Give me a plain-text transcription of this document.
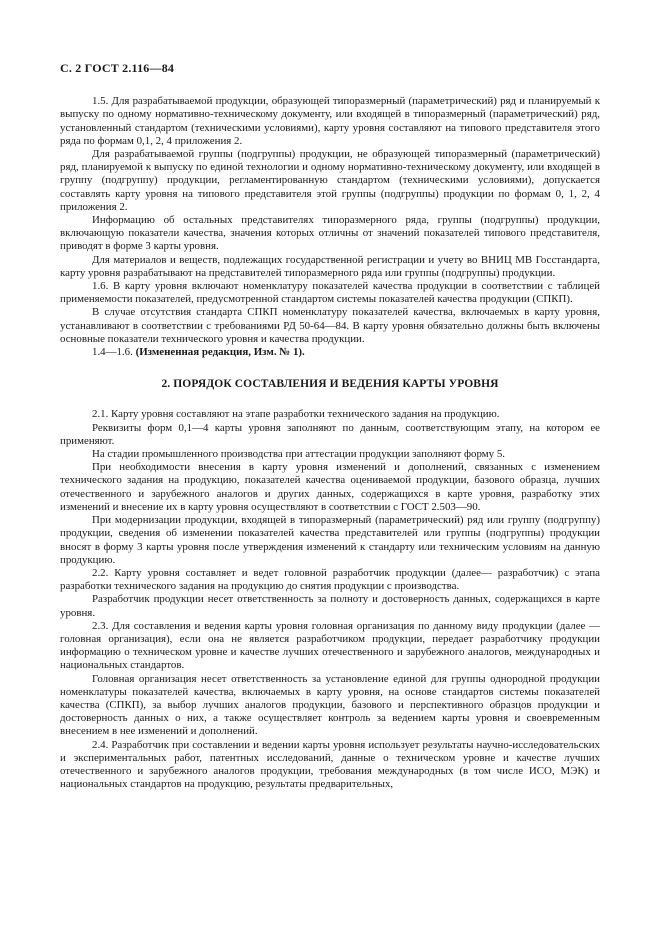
С. 2 ГОСТ 2.116—84

1.5. Для разрабатываемой продукции, образующей типоразмерный (параметрический) ряд и планируемый к выпуску по одному нормативно-техническому документу, или входящей в типоразмерный (параметрический) ряд, установленный стандартом (техническими условиями), карту уровня составляют на типового представителя этого ряда по формам 0,1, 2, 4 приложения 2.

Для разрабатываемой группы (подгруппы) продукции, не образующей типоразмерный (параметрический) ряд, планируемой к выпуску по единой технологии и одному нормативно-техническому документу, или входящей в группу (подгруппу) продукции, регламентированную стандартом (техническими условиями), допускается составлять карту уровня на типового представителя этой группы (подгруппы) продукции по формам 0, 1, 2, 4 приложения 2.

Информацию об остальных представителях типоразмерного ряда, группы (подгруппы) продукции, включающую показатели качества, значения которых отличны от значений показателей типового представителя, приводят в форме 3 карты уровня.

Для материалов и веществ, подлежащих государственной регистрации и учету во ВНИЦ МВ Госстандарта, карту уровня разрабатывают на представителей типоразмерного ряда или группы (подгруппы) продукции.

1.6. В карту уровня включают номенклатуру показателей качества продукции в соответствии с таблицей применяемости показателей, предусмотренной стандартом системы показателей качества продукции (СПКП).

В случае отсутствия стандарта СПКП номенклатуру показателей качества, включаемых в карту уровня, устанавливают в соответствии с требованиями РД 50-64—84. В карту уровня обязательно должны быть включены основные показатели технического уровня и качества продукции.

1.4—1.6. (Измененная редакция, Изм. № 1).

2. ПОРЯДОК СОСТАВЛЕНИЯ И ВЕДЕНИЯ КАРТЫ УРОВНЯ

2.1. Карту уровня составляют на этапе разработки технического задания на продукцию.

Реквизиты форм 0,1—4 карты уровня заполняют по данным, соответствующим этапу, на котором ее применяют.

На стадии промышленного производства при аттестации продукции заполняют форму 5.

При необходимости внесения в карту уровня изменений и дополнений, связанных с изменением технического задания на продукцию, показателей качества оцениваемой продукции, базового образца, лучших отечественного и зарубежного аналогов и других данных, содержащихся в карте уровня, разработку этих изменений и внесение их в карту уровня осуществляют в соответствии с ГОСТ 2.503—90.

При модернизации продукции, входящей в типоразмерный (параметрический) ряд или группу (подгруппу) продукции, сведения об изменении показателей качества представителей или группы (подгруппы) продукции вносят в форму 3 карты уровня после утверждения изменений к стандарту или техническим условиям на данную продукцию.

2.2. Карту уровня составляет и ведет головной разработчик продукции (далее— разработчик) с этапа разработки технического задания на продукцию до снятия продукции с производства.

Разработчик продукции несет ответственность за полноту и достоверность данных, содержащихся в карте уровня.

2.3. Для составления и ведения карты уровня головная организация по данному виду продукции (далее — головная организация), если она не является разработчиком продукции, передает разработчику продукции информацию о техническом уровне и качестве лучших отечественного и зарубежного аналогов, международных и национальных стандартов.

Головная организация несет ответственность за установление единой для группы однородной продукции номенклатуры показателей качества, включаемых в карту уровня, на основе стандартов системы показателей качества (СПКП), за выбор лучших аналогов продукции, базового и перспективного образцов продукции и достоверность данных о них, а также осуществляет контроль за ведением карты уровня и своевременным внесением в нее изменений и дополнений.

2.4. Разработчик при составлении и ведении карты уровня использует результаты научно-исследовательских и экспериментальных работ, патентных исследований, данные о техническом уровне и качестве лучших отечественного и зарубежного аналогов продукции, требования международных (в том числе ИСО, МЭК) и национальных стандартов на продукцию, результаты предварительных,
